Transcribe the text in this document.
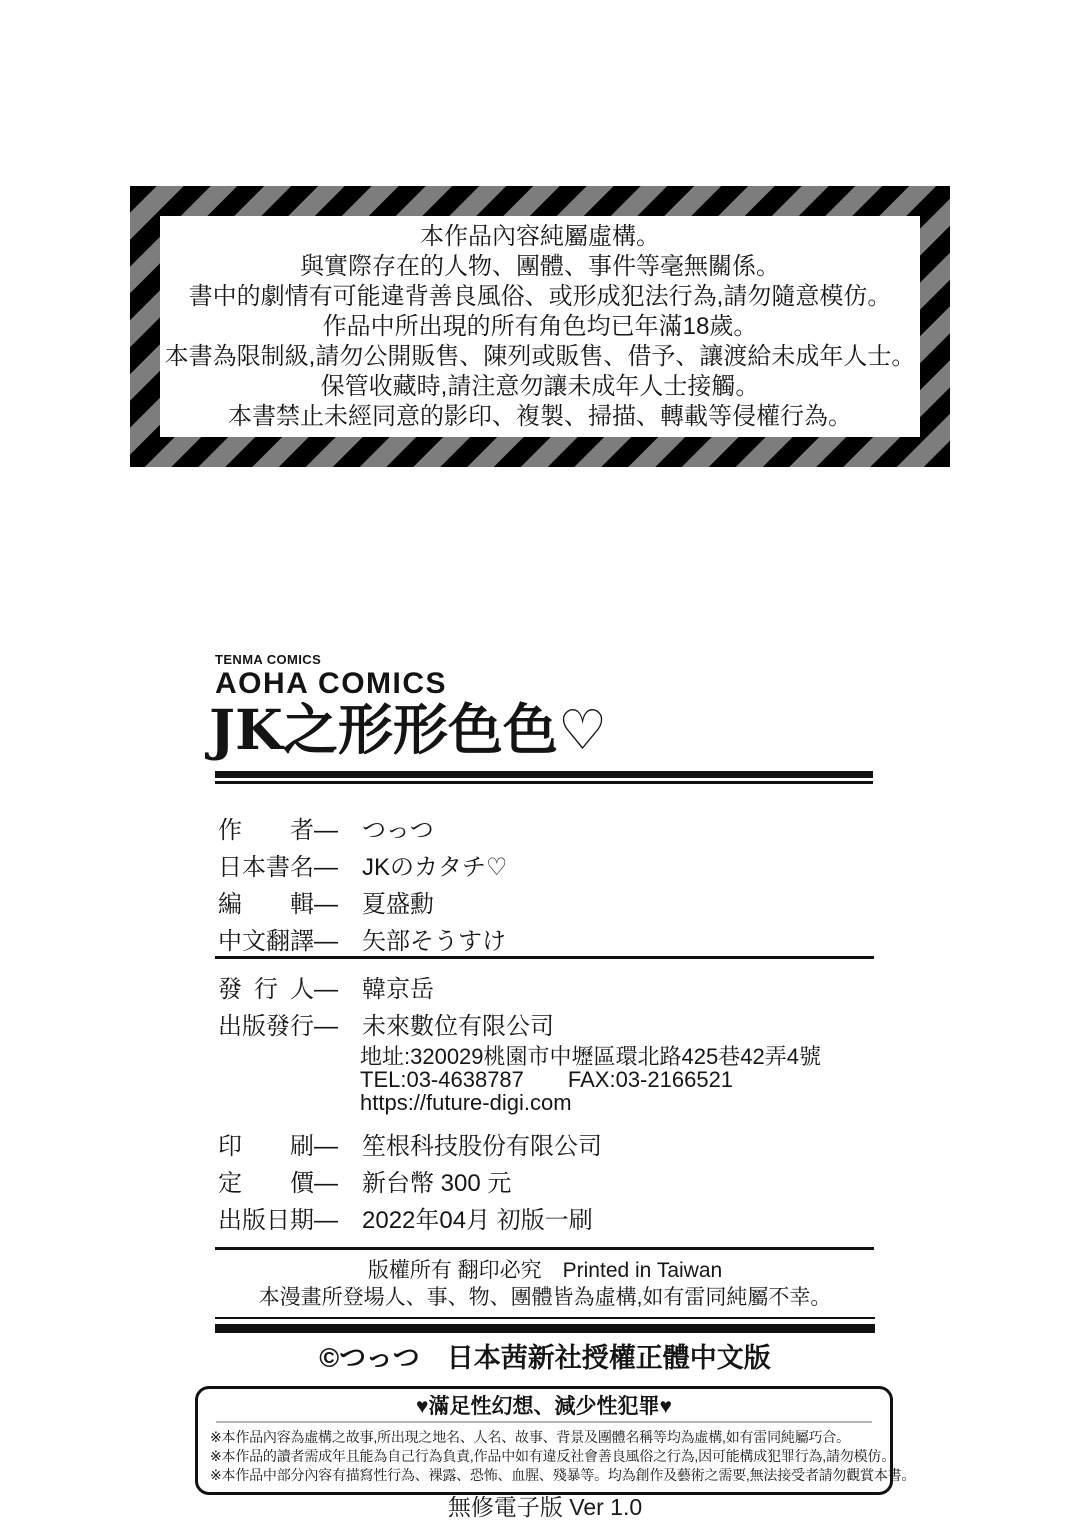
本作品內容純屬虛構。

與實際存在的人物、團體、事件等毫無關係。

書中的劇情有可能違背善良風俗、或形成犯法行為,請勿隨意模仿。

作品中所出現的所有角色均已年滿18歲。

本書為限制級,請勿公開販售、陳列或販售、借予、讓渡給未成年人士。

保管收藏時,請注意勿讓未成年人士接觸。

本書禁止未經同意的影印、複製、掃描、轉載等侵權行為。

TENMA COMICS
AOHA COMICS
JK之形形色色♡
作者— つっつ
日本書名— JKのカタチ♡
編輯— 夏盛勳
中文翻譯— 矢部そうすけ
發行人— 韓京岳
出版發行— 未來數位有限公司
地址:320029桃園市中壢區環北路425巷42弄4號
TEL:03-4638787　　FAX:03-2166521
https://future-digi.com
印刷— 笙根科技股份有限公司
定價— 新台幣 300 元
出版日期— 2022年04月 初版一刷

版權所有 翻印必究　Printed in Taiwan

本漫畫所登場人、事、物、團體皆為虛構,如有雷同純屬不幸。

©つっつ　日本茜新社授權正體中文版

♥滿足性幻想、減少性犯罪♥

※本作品內容為虛構之故事,所出現之地名、人名、故事、背景及團體名稱等均為虛構,如有雷同純屬巧合。

※本作品的讀者需成年且能為自己行為負責,作品中如有違反社會善良風俗之行為,因可能構成犯罪行為,請勿模仿。

※本作品中部分內容有描寫性行為、裸露、恐怖、血腥、殘暴等。均為創作及藝術之需要,無法接受者請勿觀賞本書。

無修電子版 Ver 1.0
